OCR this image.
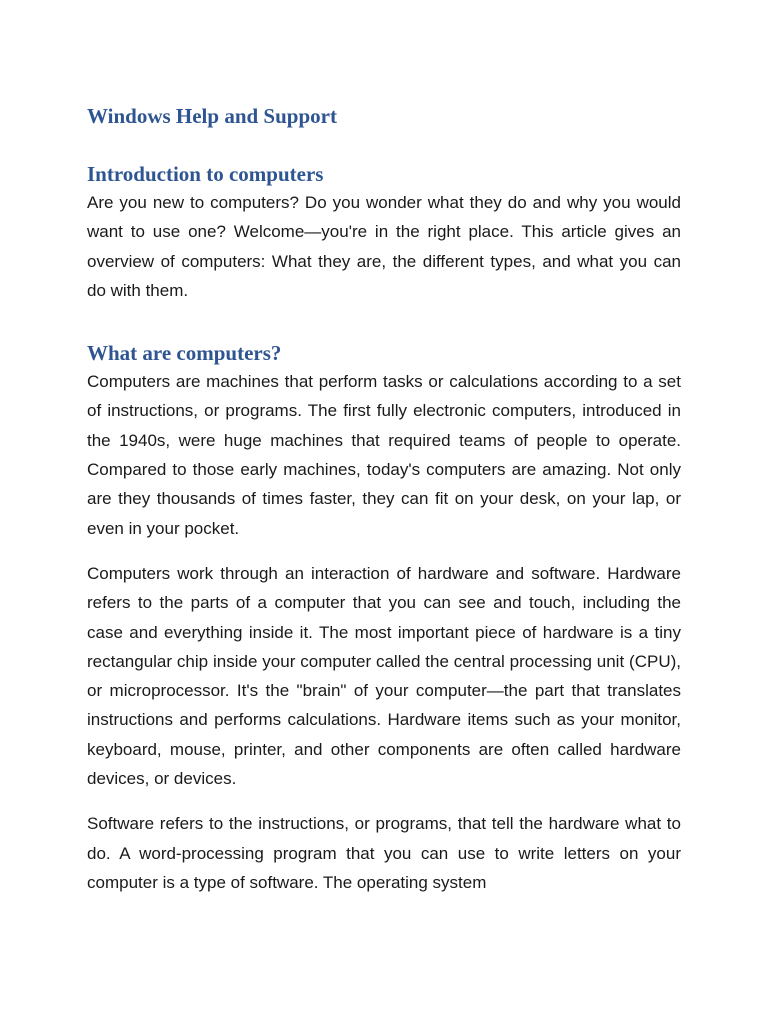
Windows Help and Support
Introduction to computers

Are you new to computers? Do you wonder what they do and why you would want to use one? Welcome—you're in the right place. This article gives an overview of computers: What they are, the different types, and what you can do with them.

What are computers?

Computers are machines that perform tasks or calculations according to a set of instructions, or programs. The first fully electronic computers, introduced in the 1940s, were huge machines that required teams of people to operate. Compared to those early machines, today's computers are amazing. Not only are they thousands of times faster, they can fit on your desk, on your lap, or even in your pocket.

Computers work through an interaction of hardware and software. Hardware refers to the parts of a computer that you can see and touch, including the case and everything inside it. The most important piece of hardware is a tiny rectangular chip inside your computer called the central processing unit (CPU), or microprocessor. It's the "brain" of your computer—the part that translates instructions and performs calculations. Hardware items such as your monitor, keyboard, mouse, printer, and other components are often called hardware devices, or devices.

Software refers to the instructions, or programs, that tell the hardware what to do. A word-processing program that you can use to write letters on your computer is a type of software. The operating system
